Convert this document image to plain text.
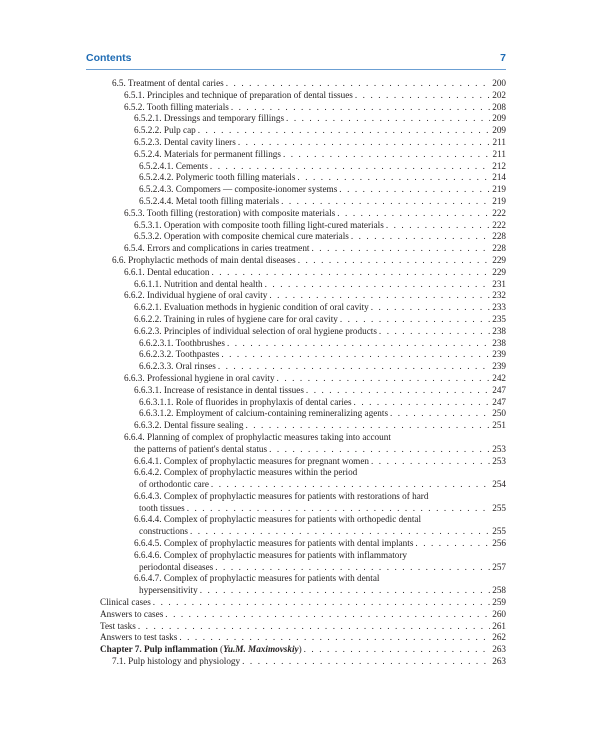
Contents	7
6.5. Treatment of dental caries . . .	200
6.5.1. Principles and technique of preparation of dental tissues . . .	202
6.5.2. Tooth filling materials . . .	208
6.5.2.1. Dressings and temporary fillings . . .	209
6.5.2.2. Pulp cap . . .	209
6.5.2.3. Dental cavity liners . . .	211
6.5.2.4. Materials for permanent fillings . . .	211
6.5.2.4.1. Cements . . .	212
6.5.2.4.2. Polymeric tooth filling materials . . .	214
6.5.2.4.3. Compomers — composite-ionomer systems . . .	219
6.5.2.4.4. Metal tooth filling materials . . .	219
6.5.3. Tooth filling (restoration) with composite materials . . .	222
6.5.3.1. Operation with composite tooth filling light-cured materials . . .	222
6.5.3.2. Operation with composite chemical cure materials . . .	228
6.5.4. Errors and complications in caries treatment . . .	228
6.6. Prophylactic methods of main dental diseases . . .	229
6.6.1. Dental education . . .	229
6.6.1.1. Nutrition and dental health . . .	231
6.6.2. Individual hygiene of oral cavity . . .	232
6.6.2.1. Evaluation methods in hygienic condition of oral cavity . . .	233
6.6.2.2. Training in rules of hygiene care for oral cavity . . .	235
6.6.2.3. Principles of individual selection of oral hygiene products . . .	238
6.6.2.3.1. Toothbrushes . . .	238
6.6.2.3.2. Toothpastes . . .	239
6.6.2.3.3. Oral rinses . . .	239
6.6.3. Professional hygiene in oral cavity . . .	242
6.6.3.1. Increase of resistance in dental tissues . . .	247
6.6.3.1.1. Role of fluorides in prophylaxis of dental caries . . .	247
6.6.3.1.2. Employment of calcium-containing remineralizing agents . . .	250
6.6.3.2. Dental fissure sealing . . .	251
6.6.4. Planning of complex of prophylactic measures taking into account
the patterns of patient's dental status . . .	253
6.6.4.1. Complex of prophylactic measures for pregnant women . . .	253
6.6.4.2. Complex of prophylactic measures within the period
of orthodontic care . . .	254
6.6.4.3. Complex of prophylactic measures for patients with restorations of hard
tooth tissues . . .	255
6.6.4.4. Complex of prophylactic measures for patients with orthopedic dental
constructions . . .	255
6.6.4.5. Complex of prophylactic measures for patients with dental implants . . .	256
6.6.4.6. Complex of prophylactic measures for patients with inflammatory
periodontal diseases . . .	257
6.6.4.7. Complex of prophylactic measures for patients with dental
hypersensitivity . . .	258
Clinical cases . . .	259
Answers to cases . . .	260
Test tasks . . .	261
Answers to test tasks . . .	262
Chapter 7. Pulp inflammation (Yu.M. Maximovskiy) . . .	263
7.1. Pulp histology and physiology . . .	263
